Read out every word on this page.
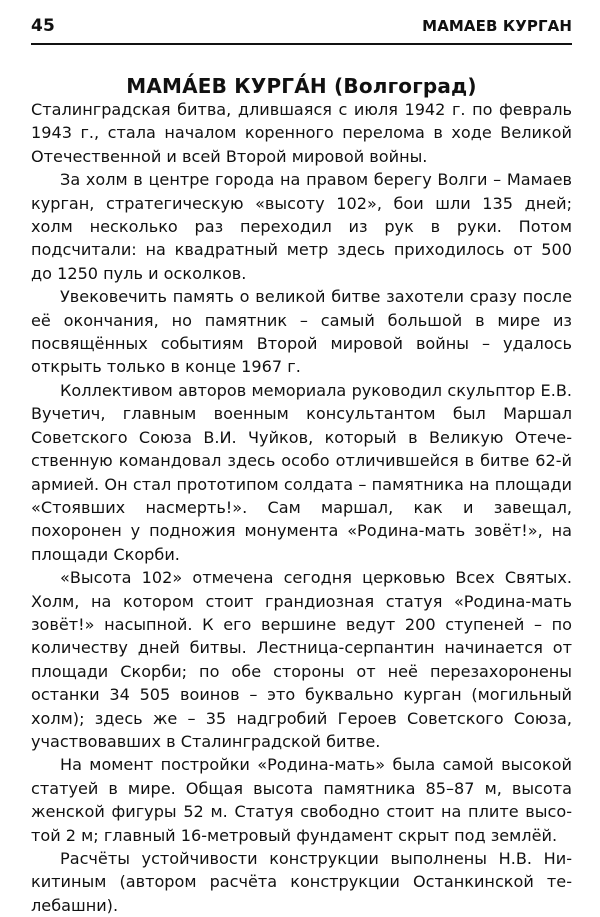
45	МАМАЕВ КУРГАН
МАМА́ЕВ КУРГА́Н (Волгоград)

Сталинградская битва, длившаяся с июля 1942 г. по февраль 1943 г., стала началом коренного перелома в ходе Великой Отечественной и всей Второй мировой войны.

За холм в центре города на правом берегу Волги – Мамаев курган, стратегическую «высоту 102», бои шли 135 дней; холм несколько раз переходил из рук в руки. Потом подсчитали: на квадратный метр здесь приходилось от 500 до 1250 пуль и осколков.

Увековечить память о великой битве захотели сразу после её окончания, но памятник – самый большой в мире из посвящённых событиям Второй мировой войны – удалось открыть только в конце 1967 г.

Коллективом авторов мемориала руководил скульптор Е.В. Вучетич, главным военным консультантом был Маршал Советского Союза В.И. Чуйков, который в Великую Отечественную командовал здесь особо отличившейся в битве 62-й армией. Он стал прототипом солдата – памятника на площади «Стоявших насмерть!». Сам маршал, как и завещал, похоронен у подножия монумента «Родина-мать зовёт!», на площади Скорби.

«Высота 102» отмечена сегодня церковью Всех Святых. Холм, на котором стоит грандиозная статуя «Родина-мать зовёт!» насыпной. К его вершине ведут 200 ступеней – по количеству дней битвы. Лестница-серпантин начинается от площади Скорби; по обе стороны от неё перезахоронены останки 34 505 воинов – это буквально курган (могильный холм); здесь же – 35 надгробий Героев Советского Союза, участвовавших в Сталинградской битве.

На момент постройки «Родина-мать» была самой высокой статуей в мире. Общая высота памятника 85–87 м, высота женской фигуры 52 м. Статуя свободно стоит на плите высотой 2 м; главный 16-метровый фундамент скрыт под землёй.

Расчёты устойчивости конструкции выполнены Н.В. Никитиным (автором расчёта конструкции Останкинской телебашни).
